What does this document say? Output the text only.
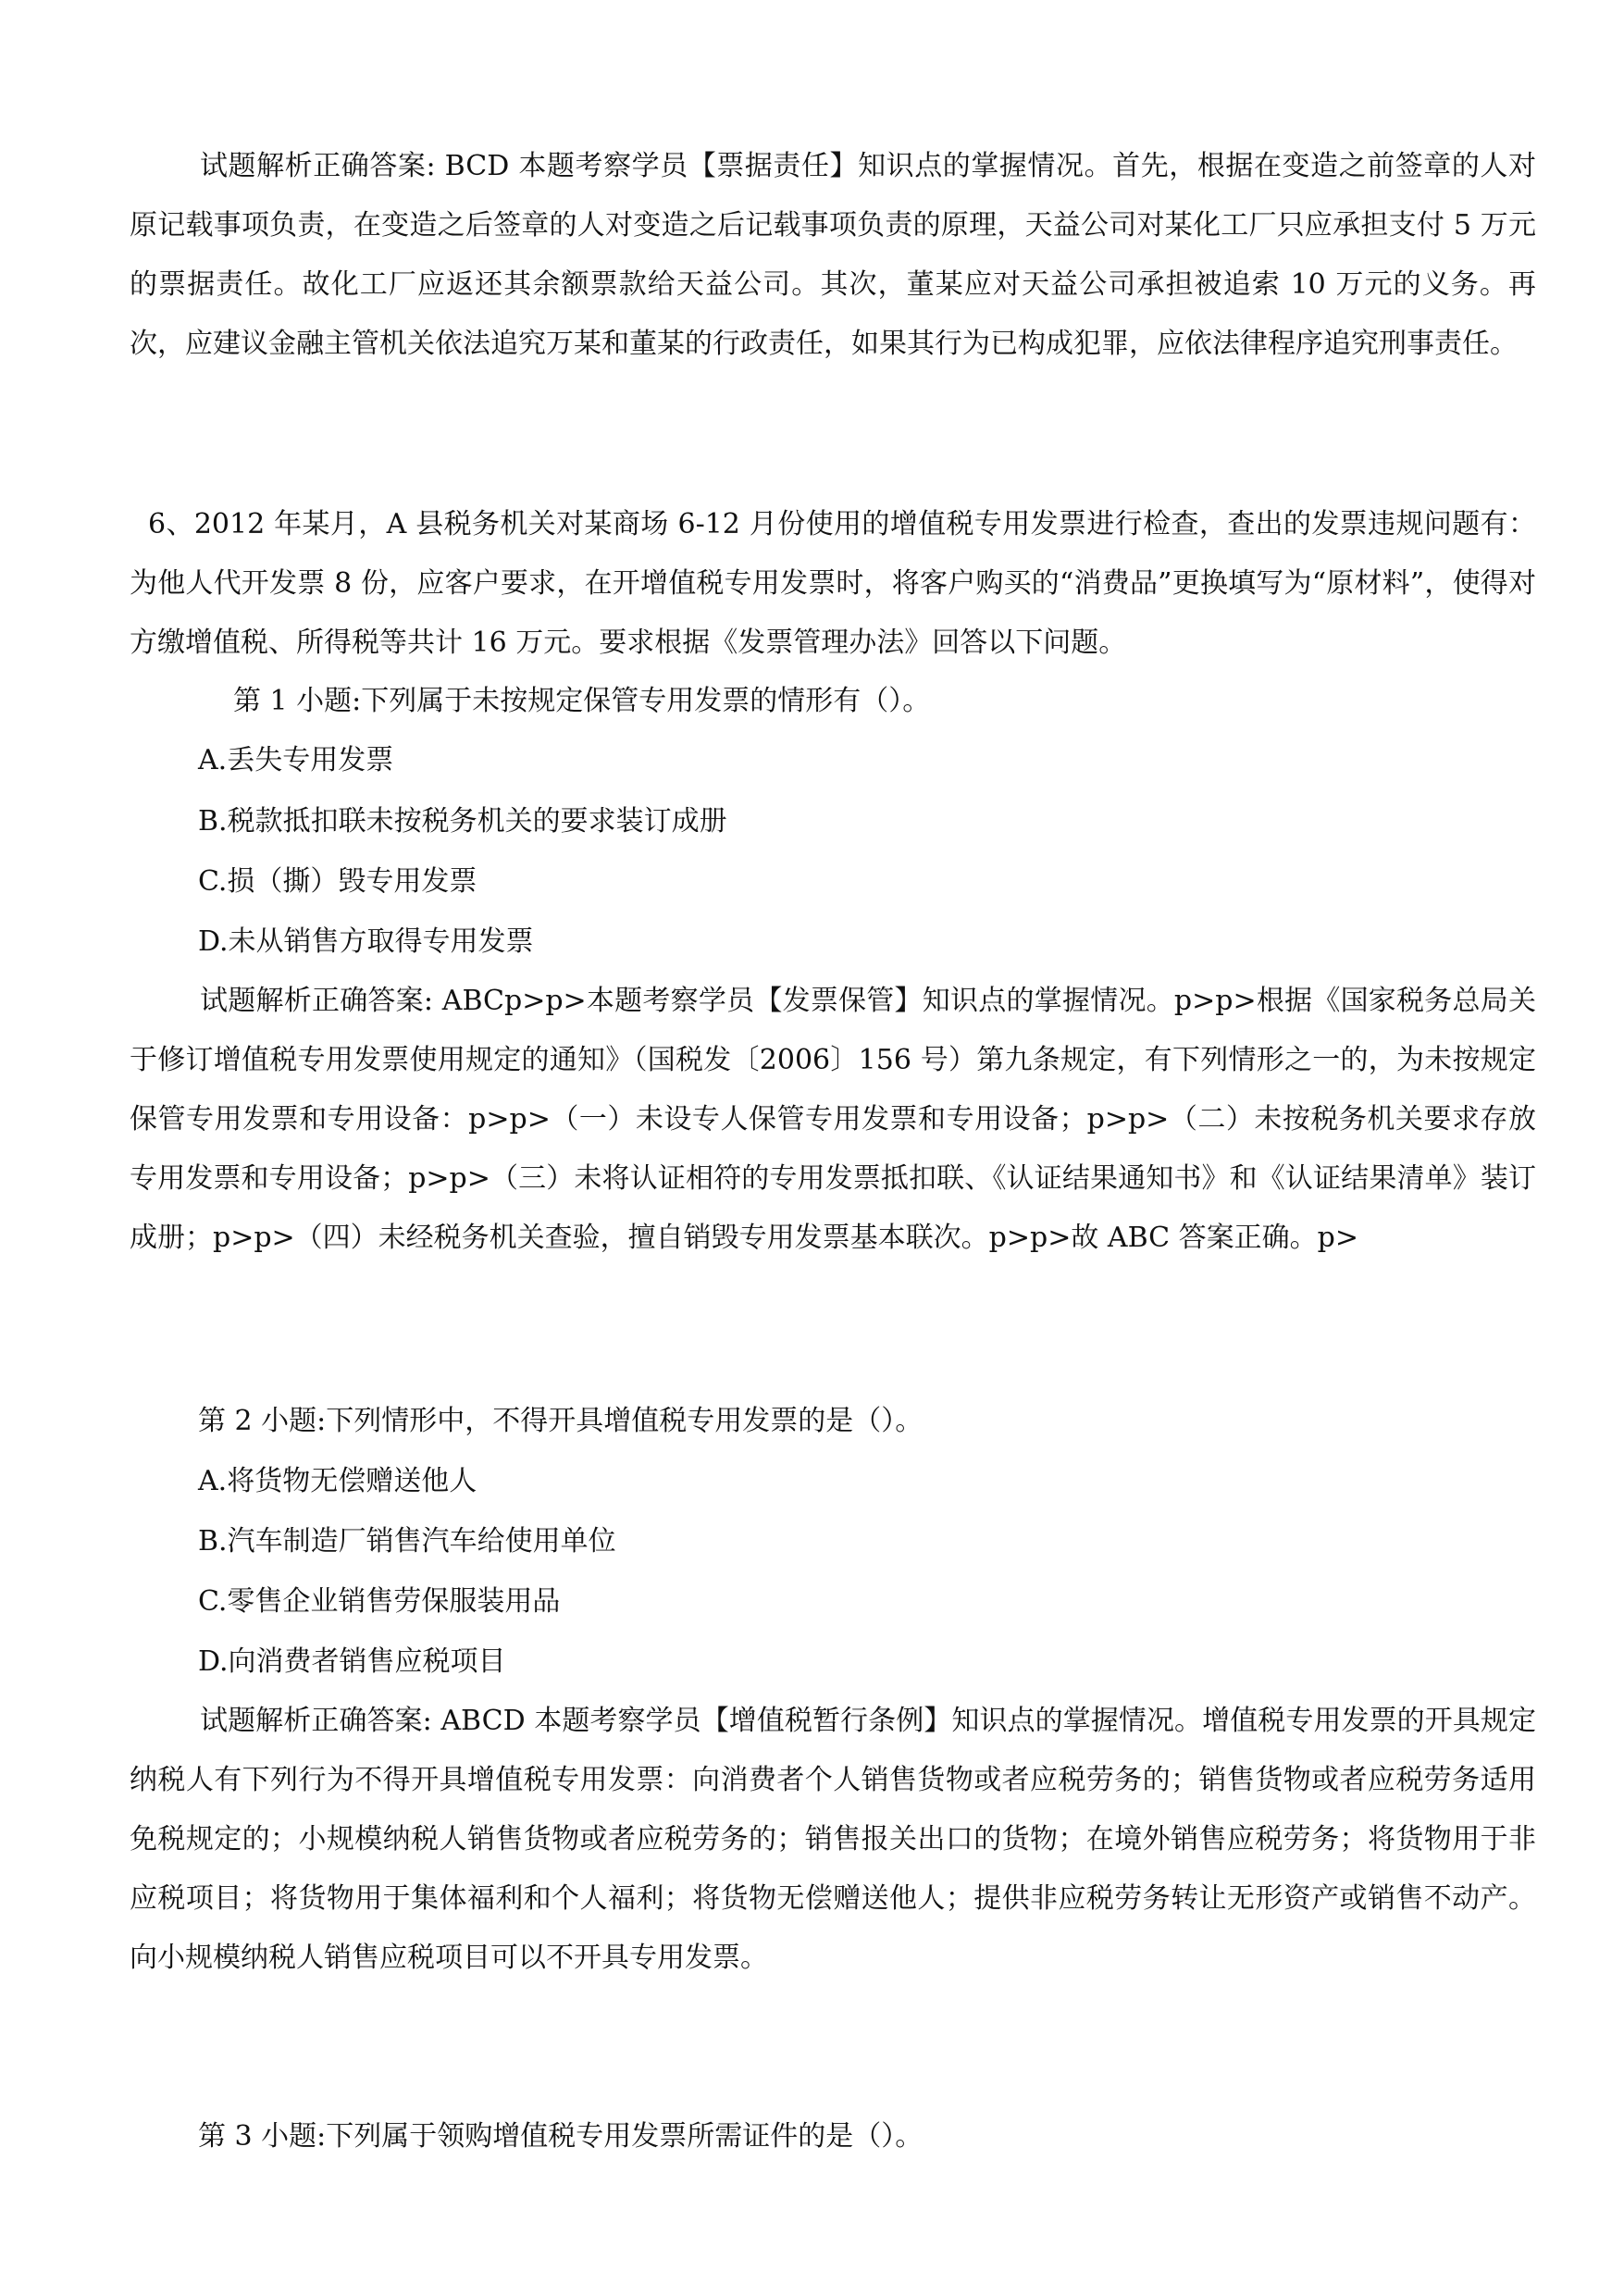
试题解析正确答案: BCD 本题考察学员【票据责任】知识点的掌握情况。首先，根据在变造之前签章的人对原记载事项负责，在变造之后签章的人对变造之后记载事项负责的原理，天益公司对某化工厂只应承担支付 5 万元的票据责任。故化工厂应返还其余额票款给天益公司。其次，董某应对天益公司承担被追索 10 万元的义务。再次，应建议金融主管机关依法追究万某和董某的行政责任，如果其行为已构成犯罪，应依法律程序追究刑事责任。

6、2012 年某月，A 县税务机关对某商场 6-12 月份使用的增值税专用发票进行检查，查出的发票违规问题有：为他人代开发票 8 份，应客户要求，在开增值税专用发票时，将客户购买的“消费品”更换填写为“原材料”，使得对方缴增值税、所得税等共计 16 万元。要求根据《发票管理办法》回答以下问题。

第 1 小题:下列属于未按规定保管专用发票的情形有（）。

A.丢失专用发票

B.税款抵扣联未按税务机关的要求装订成册

C.损（撕）毁专用发票

D.未从销售方取得专用发票

试题解析正确答案: ABCp>p>本题考察学员【发票保管】知识点的掌握情况。p>p>根据《国家税务总局关于修订增值税专用发票使用规定的通知》（国税发〔2006〕156 号）第九条规定，有下列情形之一的，为未按规定保管专用发票和专用设备：p>p>（一）未设专人保管专用发票和专用设备；p>p>（二）未按税务机关要求存放专用发票和专用设备；p>p>（三）未将认证相符的专用发票抵扣联、《认证结果通知书》和《认证结果清单》装订成册；p>p>（四）未经税务机关查验，擅自销毁专用发票基本联次。p>p>故 ABC 答案正确。p>

第 2 小题:下列情形中，不得开具增值税专用发票的是（）。

A.将货物无偿赠送他人

B.汽车制造厂销售汽车给使用单位

C.零售企业销售劳保服装用品

D.向消费者销售应税项目

试题解析正确答案: ABCD 本题考察学员【增值税暂行条例】知识点的掌握情况。增值税专用发票的开具规定纳税人有下列行为不得开具增值税专用发票：向消费者个人销售货物或者应税劳务的；销售货物或者应税劳务适用免税规定的；小规模纳税人销售货物或者应税劳务的；销售报关出口的货物；在境外销售应税劳务；将货物用于非应税项目；将货物用于集体福利和个人福利；将货物无偿赠送他人；提供非应税劳务转让无形资产或销售不动产。向小规模纳税人销售应税项目可以不开具专用发票。

第 3 小题:下列属于领购增值税专用发票所需证件的是（）。
